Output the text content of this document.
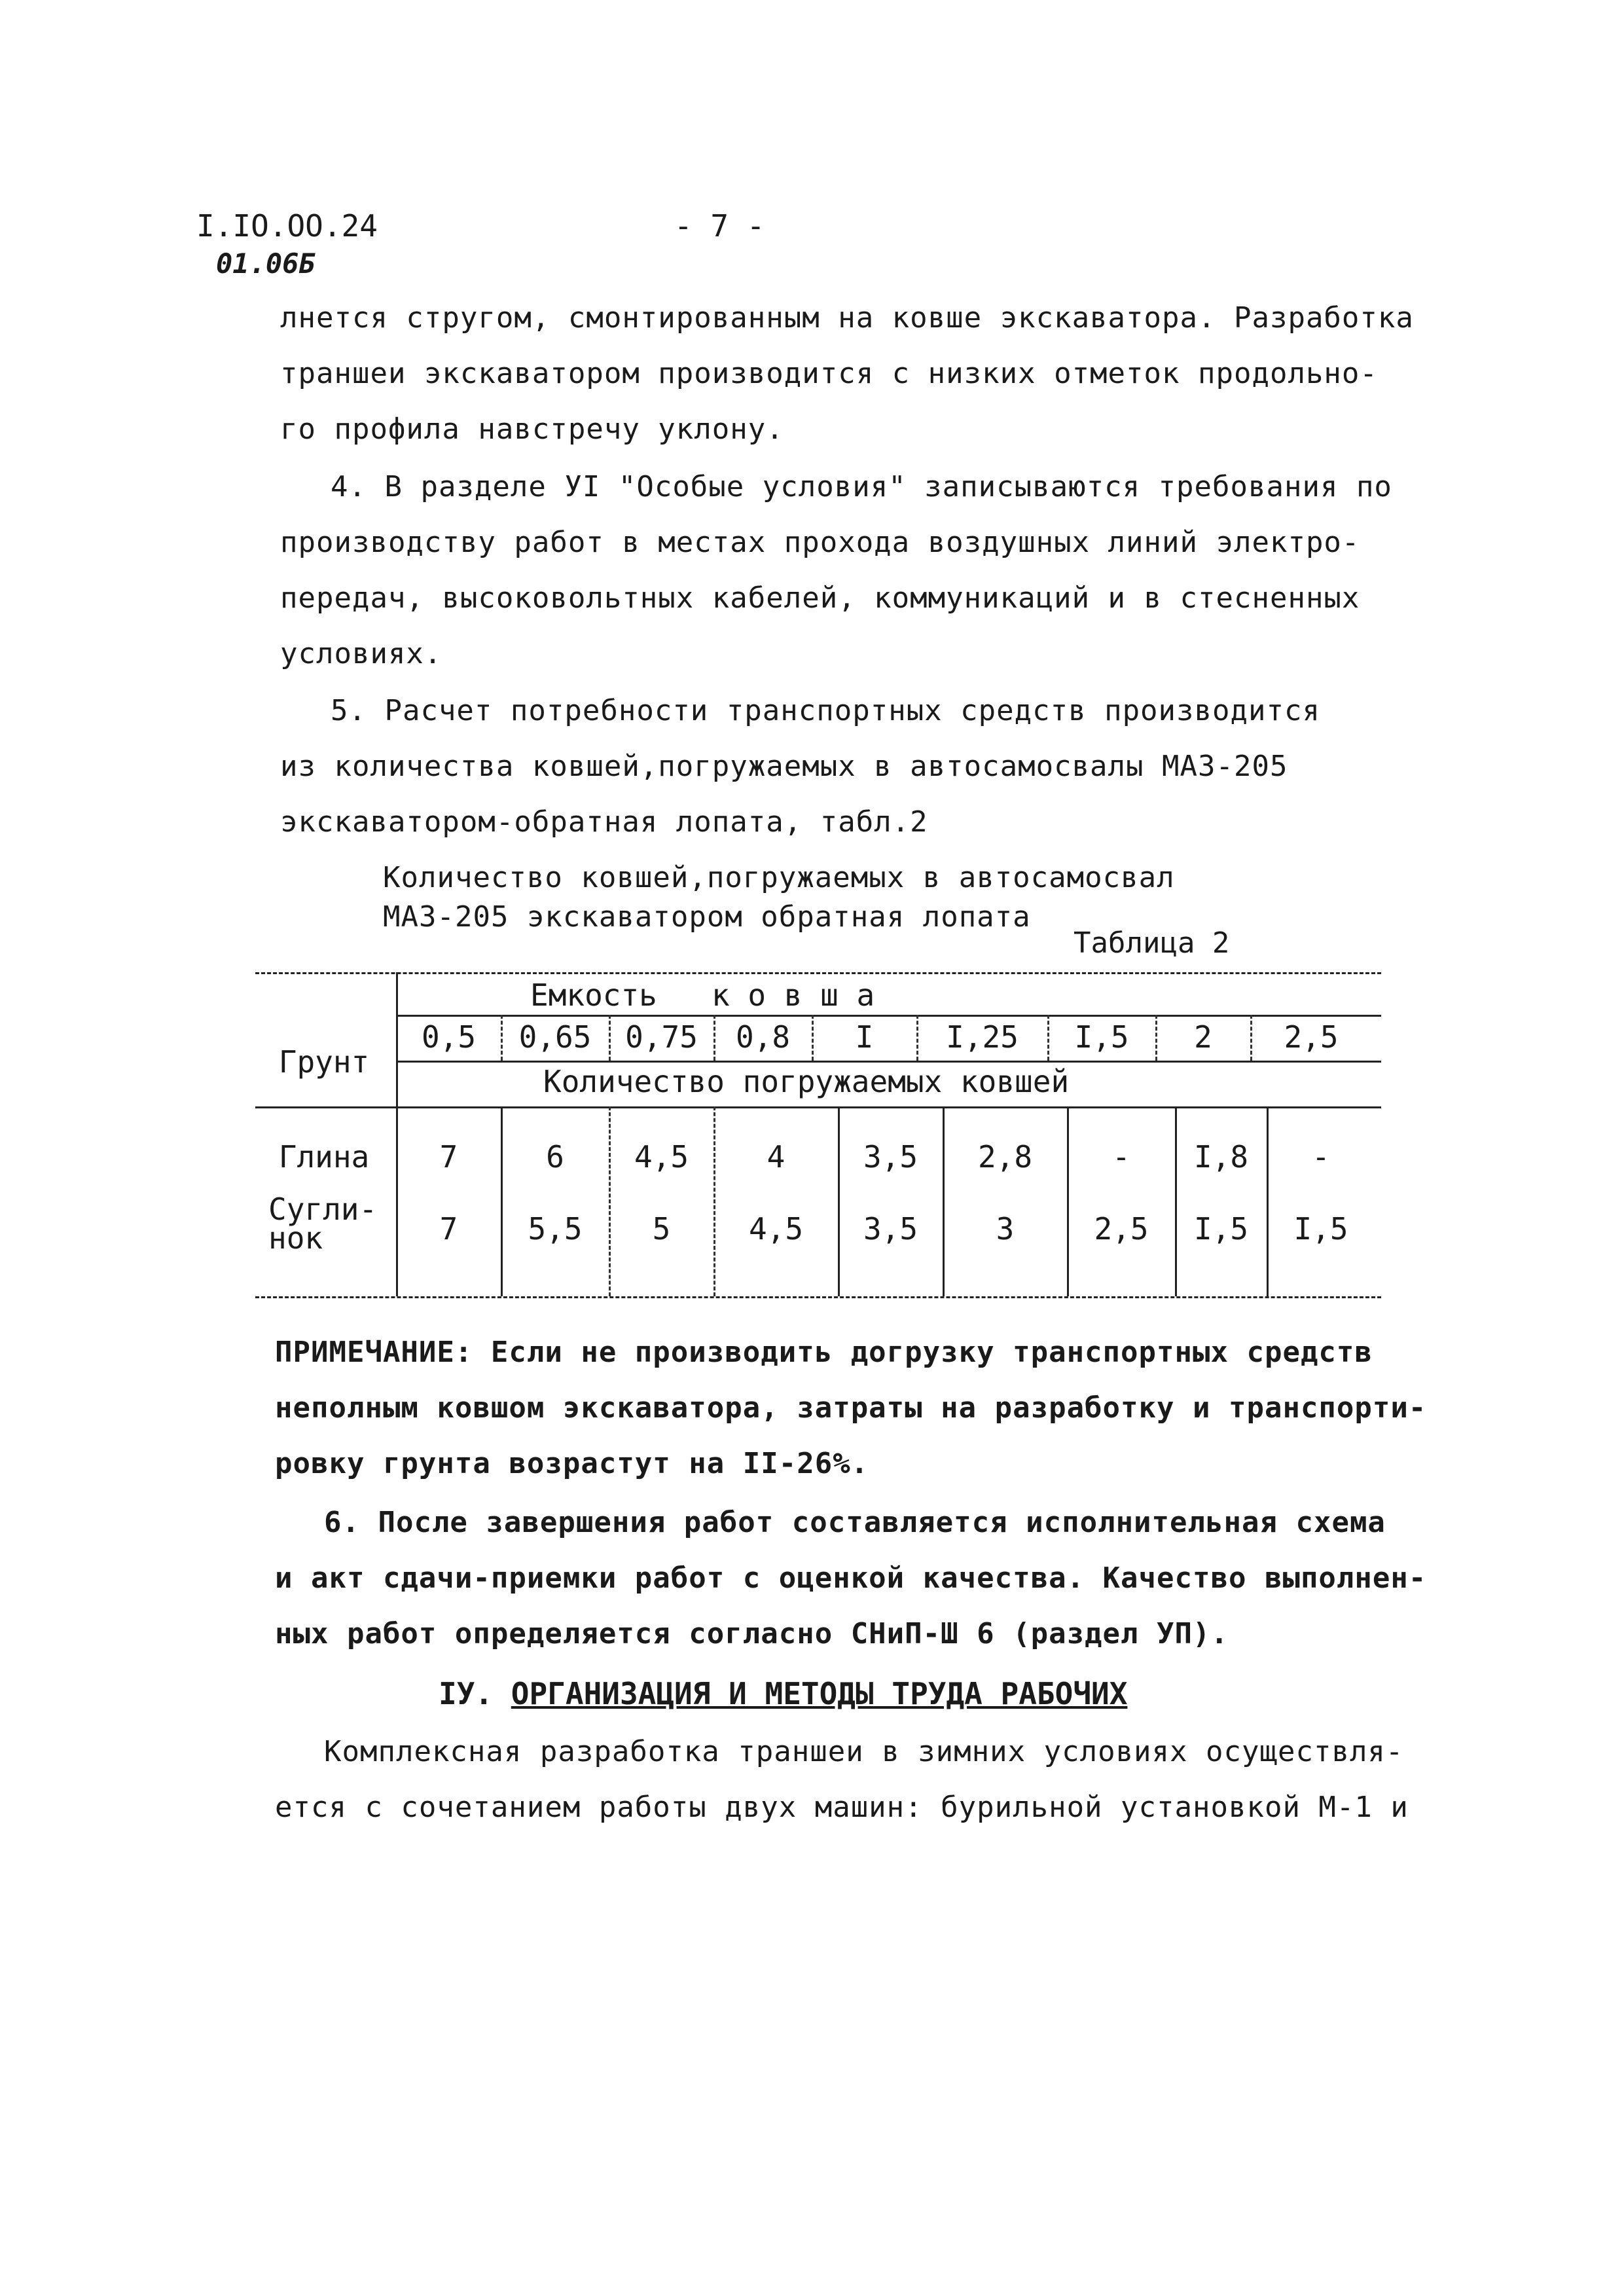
I.IO.OO.24
01.06Б
- 7 -
лнется стругом, смонтированным на ковше экскаватора. Разработка
траншеи экскаватором производится с низких отметок продольно-
го профила навстречу уклону.
4. В разделе УI "Особые условия" записываются требования по
производству работ в местах прохода воздушных линий электро-
передач, высоковольтных кабелей, коммуникаций и в стесненных
условиях.
5. Расчет потребности транспортных средств производится
из количества ковшей,погружаемых в автосамосвалы МАЗ-205
экскаватором-обратная лопата, табл.2
Количество ковшей,погружаемых в автосамосвал
МАЗ-205 экскаватором обратная лопата
Таблица 2
Грунт
Емкость   к о в ш а
Количество погружаемых ковшей
0,5	0,65	0,75	0,8	I	I,25	I,5	2	2,5
Глина	7	6	4,5	4	3,5	2,8	-	I,8	-
Сугли-
нок	7	5,5	5	4,5	3,5	3	2,5	I,5	I,5
ПРИМЕЧАНИЕ: Если не производить догрузку транспортных средств
неполным ковшом экскаватора, затраты на разработку и транспорти-
ровку грунта возрастут на II-26%.
6. После завершения работ составляется исполнительная схема
и акт сдачи-приемки работ с оценкой качества. Качество выполнен-
ных работ определяется согласно СНиП-Ш 6 (раздел УП).
IУ. ОРГАНИЗАЦИЯ И МЕТОДЫ ТРУДА РАБОЧИХ
Комплексная разработка траншеи в зимних условиях осуществля-
ется с сочетанием работы двух машин: бурильной установкой М-1 и
